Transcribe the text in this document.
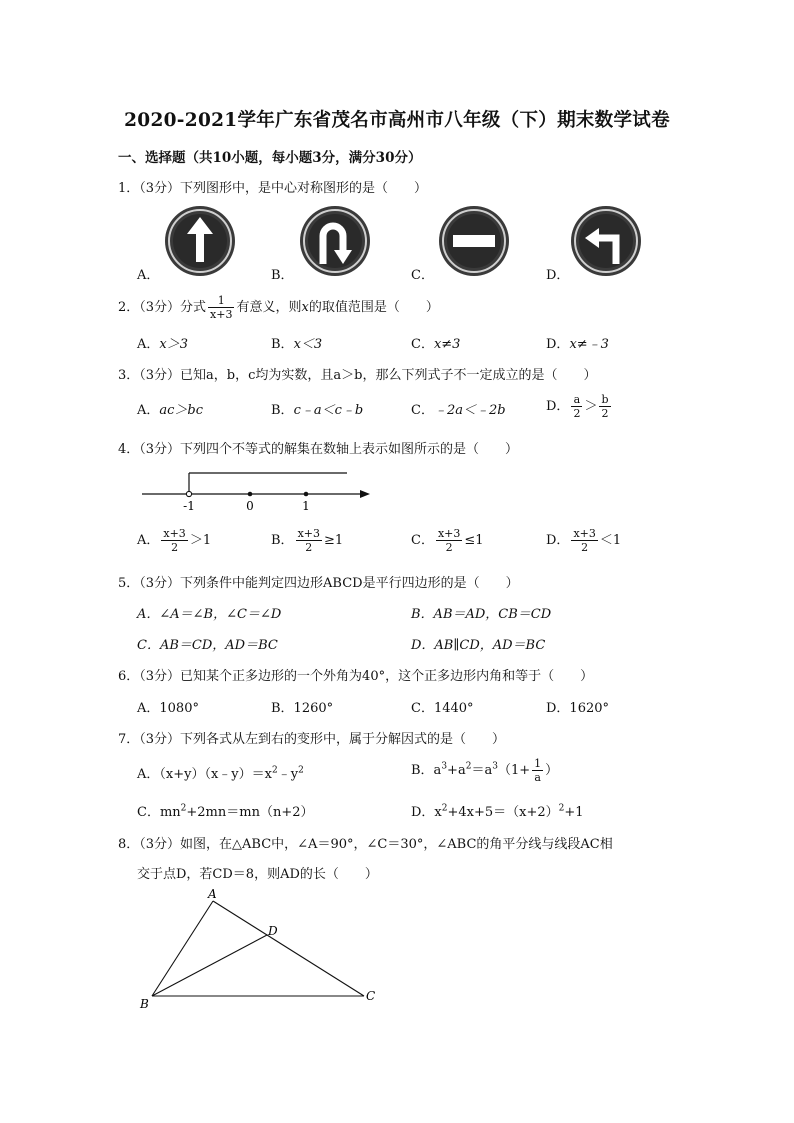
2020-2021学年广东省茂名市高州市八年级（下）期末数学试卷
一、选择题（共10小题，每小题3分，满分30分）
1．（3分）下列图形中，是中心对称图形的是（　　）
A．	B．	C．	D．
2．（3分）分式 $\frac{1}{x+3}$ 有意义，则x的取值范围是（　　）
A．x＞3	B．x＜3	C．x≠3	D．x≠﹣3
3．（3分）已知a，b，c均为实数，且a＞b，那么下列式子不一定成立的是（　　）
A．ac＞bc	B．c﹣a＜c﹣b	C．﹣2a＜﹣2b	D． $\frac{a}{2} > \frac{b}{2}$
4．（3分）下列四个不等式的解集在数轴上表示如图所示的是（　　）
-1	0	1
A． $\frac{x+3}{2} >1$	B． $\frac{x+3}{2} \ge 1$	C． $\frac{x+3}{2} \le 1$	D． $\frac{x+3}{2} <1$
5．（3分）下列条件中能判定四边形ABCD是平行四边形的是（　　）
A．∠A＝∠B，∠C＝∠D	B．AB＝AD，CB＝CD
C．AB＝CD，AD＝BC	D．AB∥CD，AD＝BC
6．（3分）已知某个正多边形的一个外角为40°，这个正多边形内角和等于（　　）
A．1080°	B．1260°	C．1440°	D．1620°
7．（3分）下列各式从左到右的变形中，属于分解因式的是（　　）
A．$(x+y)(x﹣y)=x^2﹣y^2$	B．$a^3+a^2=a^3(1+ \frac{1}{a}$ ）
C．$mn^2+2mn=mn(n+2)$	D．$x^2+4x+5=(x+2)^2+1$
8．（3分）如图，在△ABC中，∠A＝90°，∠C＝30°，∠ABC的角平分线与线段AC相
交于点D，若CD＝8，则AD的长（　　）
A
D
B
C
